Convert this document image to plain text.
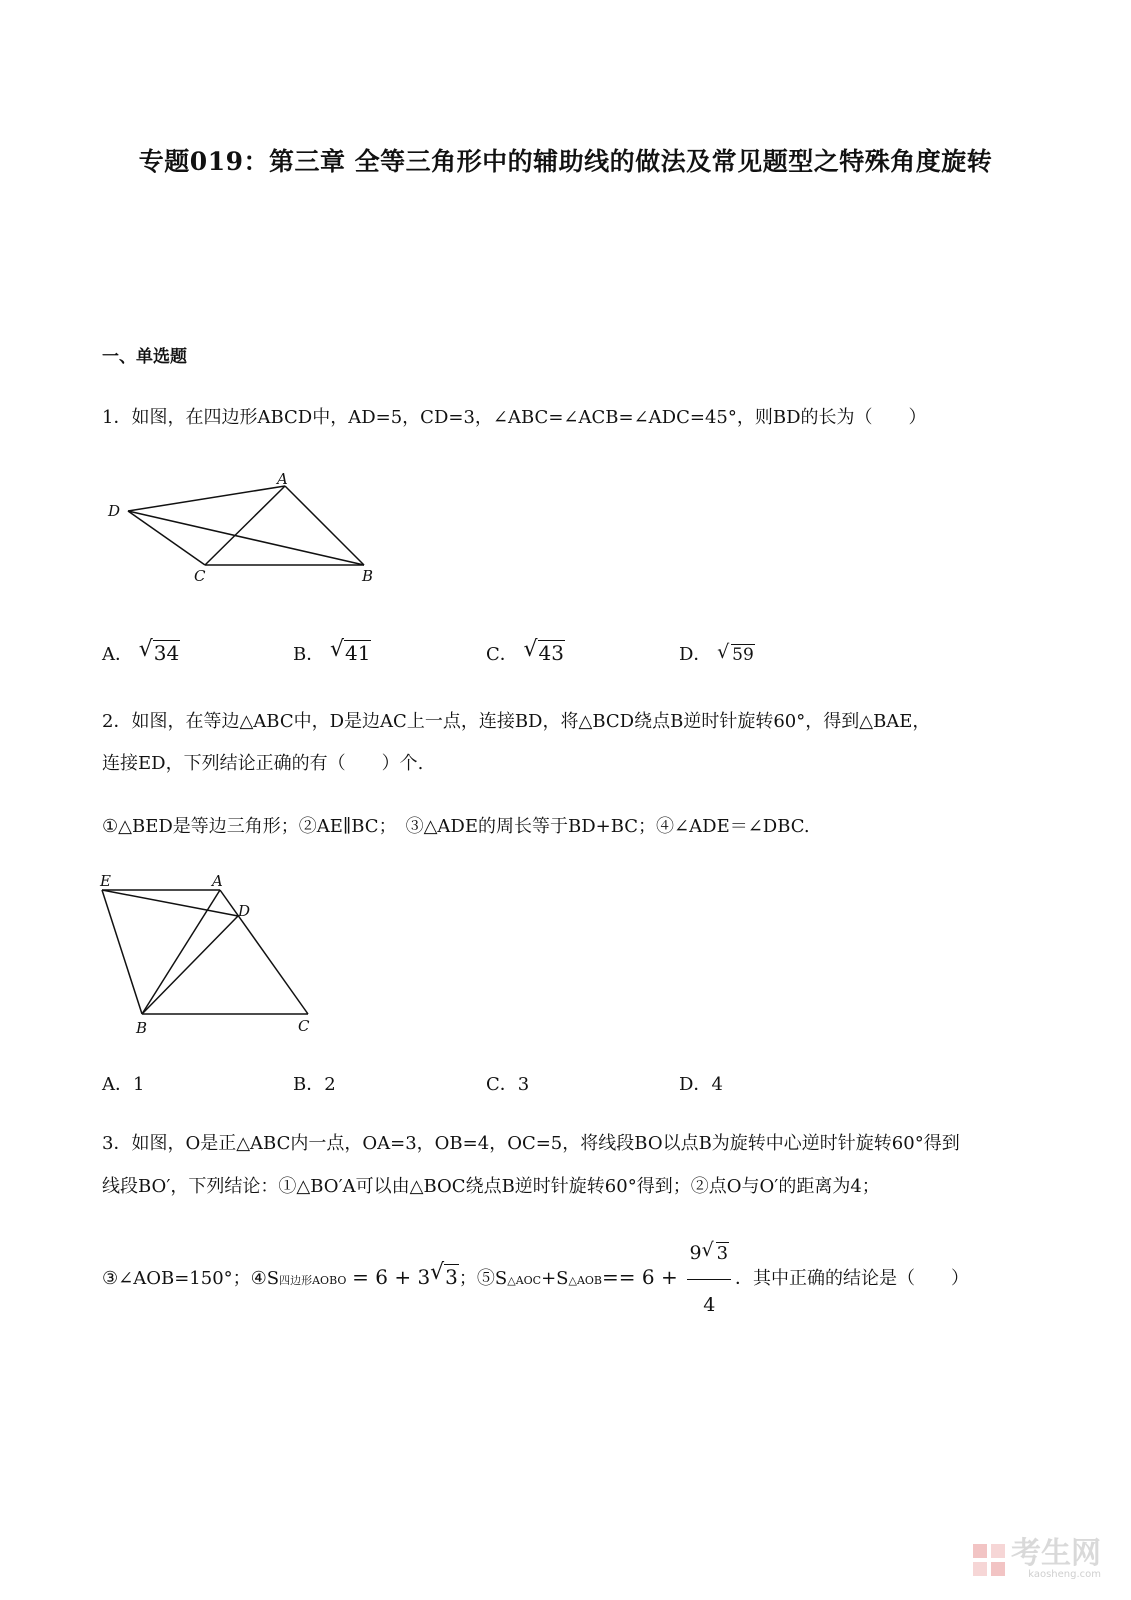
专题019：第三章 全等三角形中的辅助线的做法及常见题型之特殊角度旋转
一、单选题
1．如图，在四边形ABCD中，AD=5，CD=3，∠ABC=∠ACB=∠ADC=45°，则BD的长为（　　）
A
D
C	B
A． √ 34	B． √ 41	C． √ 43	D． √ 59
2．如图，在等边△ABC中，D是边AC上一点，连接BD，将△BCD绕点B逆时针旋转60°，得到△BAE，
连接ED，下列结论正确的有（　　）个.
①△BED是等边三角形；②AE∥BC；　③△ADE的周长等于BD+BC；④∠ADE＝∠DBC.
E	A
D
B	C
A．1	B．2	C．3	D．4
3．如图，O是正△ABC内一点，OA=3，OB=4，OC=5，将线段BO以点B为旋转中心逆时针旋转60°得到
线段BO′，下列结论：①△BO′A可以由△BOC绕点B逆时针旋转60°得到；②点O与O′的距离为4；
③∠AOB=150°；④S四边形AOBO = 6 + 3 √ 3；⑤S△AOC+S△AOB== $6 + \frac{9 √ 3}{4}$ ．其中正确的结论是（　　）
考生网
kaosheng.com
